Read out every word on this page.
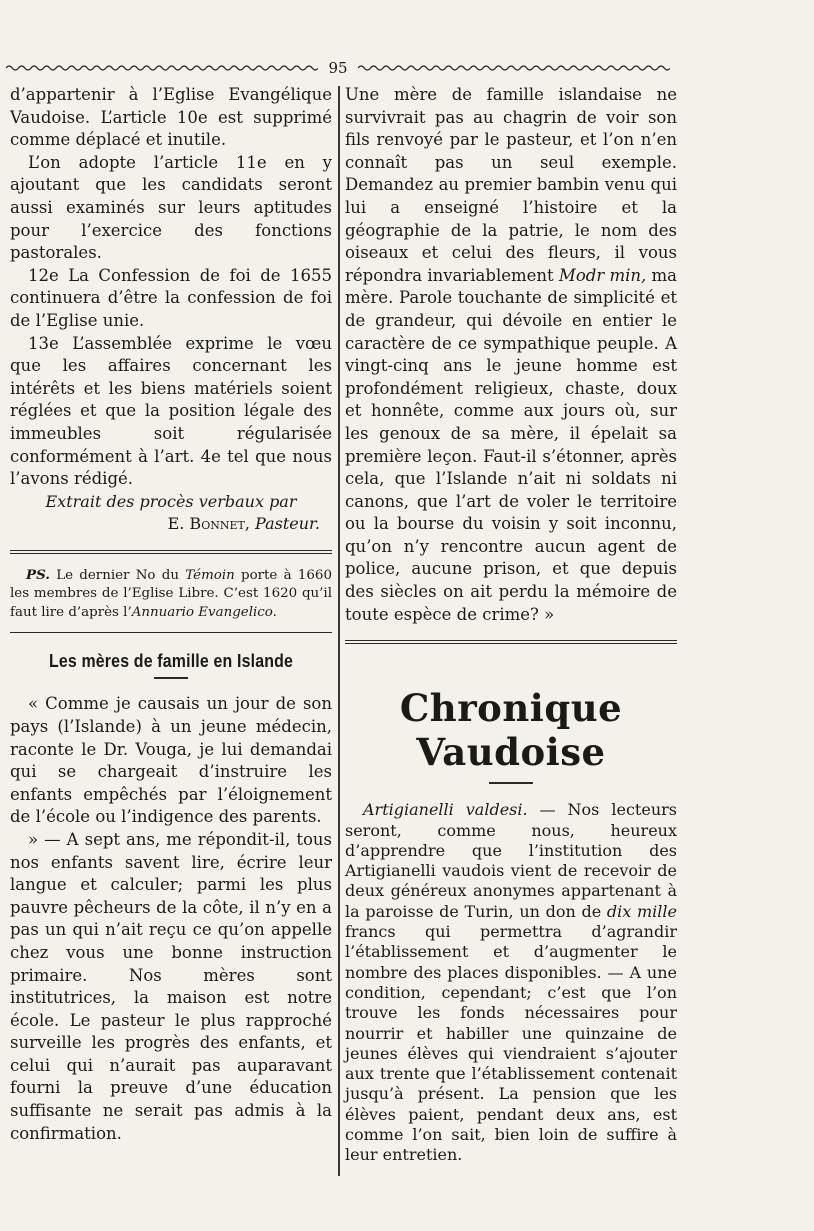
95

d’appartenir à l’Eglise Evangélique Vaudoise. L’article 10e est supprimé comme déplacé et inutile.

L’on adopte l’article 11e en y ajoutant que les candidats seront aussi examinés sur leurs aptitudes pour l’exercice des fonctions pastorales.

12e La Confession de foi de 1655 continuera d’être la confession de foi de l’Eglise unie.

13e L’assemblée exprime le vœu que les affaires concernant les intérêts et les biens matériels soient réglées et que la position légale des immeubles soit régularisée conformément à l’art. 4e tel que nous l’avons rédigé.

Extrait des procès verbaux par

E. Bonnet, Pasteur.

PS. Le dernier No du Témoin porte à 1660 les membres de l’Eglise Libre. C’est 1620 qu’il faut lire d’après l’Annuario Evangelico.

Les mères de famille en Islande

« Comme je causais un jour de son pays (l’Islande) à un jeune médecin, raconte le Dr. Vouga, je lui demandai qui se chargeait d’instruire les enfants empêchés par l’éloignement de l’école ou l’indigence des parents.

» — A sept ans, me répondit-il, tous nos enfants savent lire, écrire leur langue et calculer; parmi les plus pauvre pêcheurs de la côte, il n’y en a pas un qui n’ait reçu ce qu’on appelle chez vous une bonne instruction primaire. Nos mères sont institutrices, la maison est notre école. Le pasteur le plus rapproché surveille les progrès des enfants, et celui qui n’aurait pas auparavant fourni la preuve d’une éducation suffisante ne serait pas admis à la confirmation.

Une mère de famille islandaise ne survivrait pas au chagrin de voir son fils renvoyé par le pasteur, et l’on n’en connaît pas un seul exemple. Demandez au premier bambin venu qui lui a enseigné l’histoire et la géographie de la patrie, le nom des oiseaux et celui des fleurs, il vous répondra invariablement Modr min, ma mère. Parole touchante de simplicité et de grandeur, qui dévoile en entier le caractère de ce sympathique peuple. A vingt-cinq ans le jeune homme est profondément religieux, chaste, doux et honnête, comme aux jours où, sur les genoux de sa mère, il épelait sa première leçon. Faut-il s’étonner, après cela, que l’Islande n’ait ni soldats ni canons, que l’art de voler le territoire ou la bourse du voisin y soit inconnu, qu’on n’y rencontre aucun agent de police, aucune prison, et que depuis des siècles on ait perdu la mémoire de toute espèce de crime? »

Chronique Vaudoise

Artigianelli valdesi. — Nos lecteurs seront, comme nous, heureux d’apprendre que l’institution des Artigianelli vaudois vient de recevoir de deux généreux anonymes appartenant à la paroisse de Turin, un don de dix mille francs qui permettra d’agrandir l’établissement et d’augmenter le nombre des places disponibles. — A une condition, cependant; c’est que l’on trouve les fonds nécessaires pour nourrir et habiller une quinzaine de jeunes élèves qui viendraient s’ajouter aux trente que l’établissement contenait jusqu’à présent. La pension que les élèves paient, pendant deux ans, est comme l’on sait, bien loin de suffire à leur entretien.
